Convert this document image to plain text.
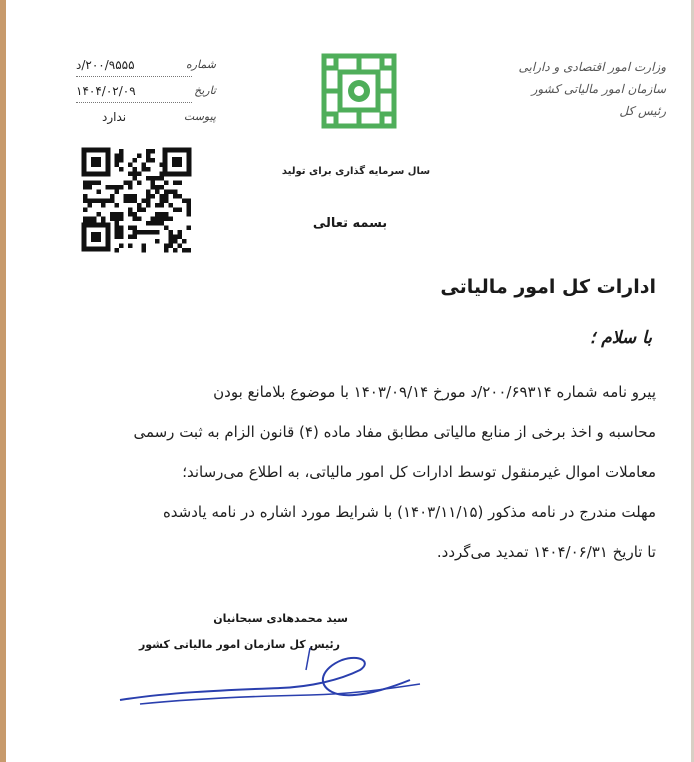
وزارت امور اقتصادی و دارایی
سازمان امور مالیاتی کشور
رئیس کل
سال سرمایه گذاری برای تولید
۲۰۰/۹۵۵۵/د	شماره
۱۴۰۴/۰۲/۰۹	تاریخ
ندارد	پیوست
بسمه تعالی
ادارات کل امور مالیاتی
با سلام ؛
پیرو نامه شماره ۲۰۰/۶۹۳۱۴/د مورخ ۱۴۰۳/۰۹/۱۴ با موضوع بلامانع بودن
محاسبه و اخذ برخی از منابع مالیاتی مطابق مفاد ماده (۴) قانون الزام به ثبت رسمی
معاملات اموال غیرمنقول توسط ادارات کل امور مالیاتی، به اطلاع می‌رساند؛
مهلت مندرج در نامه مذکور (۱۴۰۳/۱۱/۱۵) با شرایط مورد اشاره در نامه یادشده
تا تاریخ ۱۴۰۴/۰۶/۳۱ تمدید می‌گردد.
سید محمدهادی سبحانیان
رئیس کل سازمان امور مالیاتی کشور
